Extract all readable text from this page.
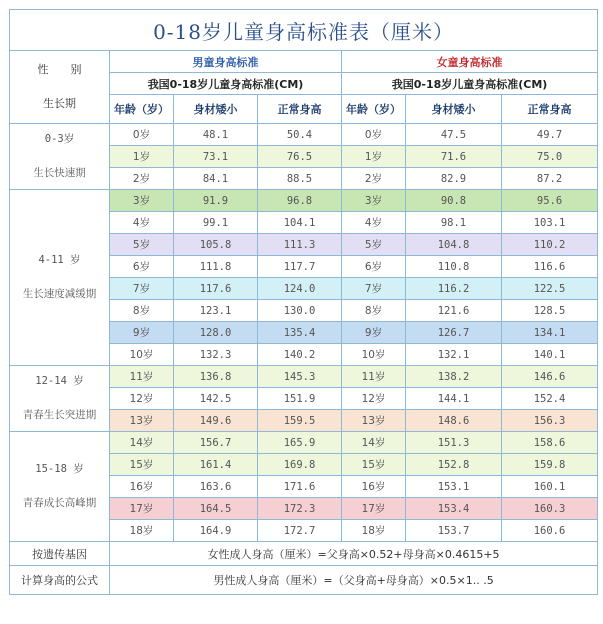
0-18岁儿童身高标准表（厘米）						
性　　别
生长期	男童身高标准			女童身高标准		
	我国0-18岁儿童身高标准(CM)			我国0-18岁儿童身高标准(CM)		
	年龄（岁）	身材矮小	正常身高	年龄（岁）	身材矮小	正常身高
0-3岁
生长快速期	0岁	48.1	50.4	0岁	47.5	49.7
	1岁	73.1	76.5	1岁	71.6	75.0
	2岁	84.1	88.5	2岁	82.9	87.2
4-11 岁
生长速度减缓期	3岁	91.9	96.8	3岁	90.8	95.6
	4岁	99.1	104.1	4岁	98.1	103.1
	5岁	105.8	111.3	5岁	104.8	110.2
	6岁	111.8	117.7	6岁	110.8	116.6
	7岁	117.6	124.0	7岁	116.2	122.5
	8岁	123.1	130.0	8岁	121.6	128.5
	9岁	128.0	135.4	9岁	126.7	134.1
	10岁	132.3	140.2	10岁	132.1	140.1
12-14 岁
青春生长突进期	11岁	136.8	145.3	11岁	138.2	146.6
	12岁	142.5	151.9	12岁	144.1	152.4
	13岁	149.6	159.5	13岁	148.6	156.3
15-18 岁
青春成长高峰期	14岁	156.7	165.9	14岁	151.3	158.6
	15岁	161.4	169.8	15岁	152.8	159.8
	16岁	163.6	171.6	16岁	153.1	160.1
	17岁	164.5	172.3	17岁	153.4	160.3
	18岁	164.9	172.7	18岁	153.7	160.6
按遗传基因	女性成人身高（厘米）=父身高×0.52+母身高×0.4615+5					
计算身高的公式	男性成人身高（厘米）=（父身高+母身高）×0.5×1.. .5					
